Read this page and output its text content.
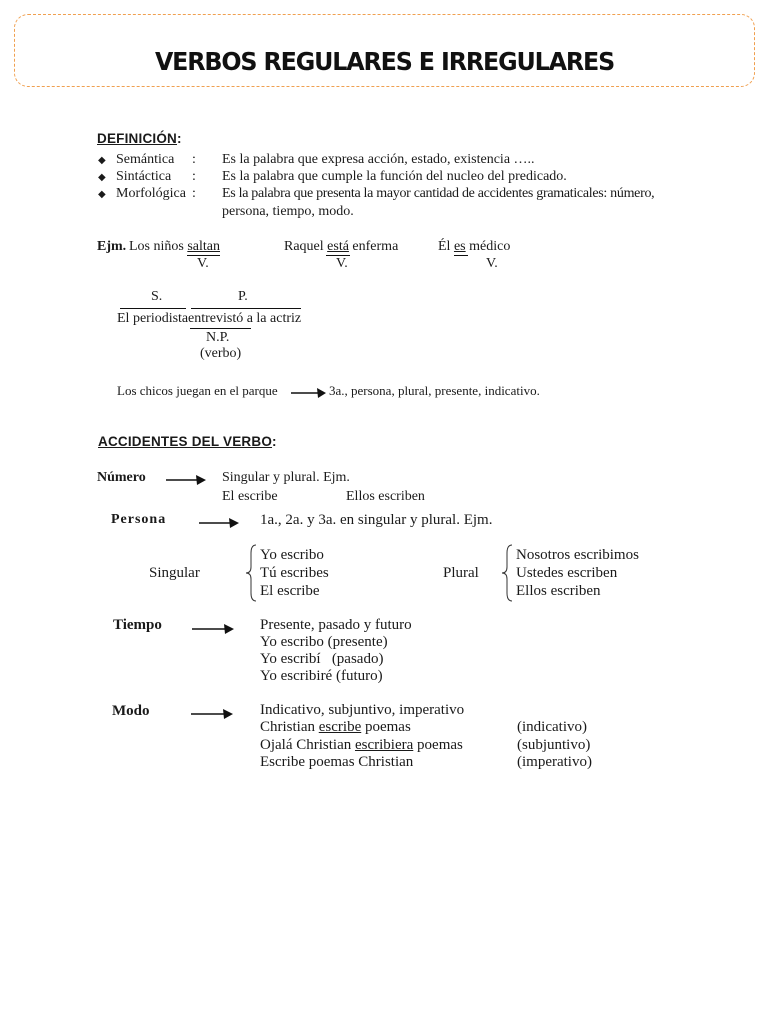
VERBOS REGULARES E IRREGULARES
DEFINICIÓN:
◆ Semántica : Es la palabra que expresa acción, estado, existencia …..
◆ Sintáctica : Es la palabra que cumple la función del nucleo del predicado.
◆ Morfológica : Es la palabra que presenta la mayor cantidad de accidentes gramaticales: número,
persona, tiempo, modo.
Ejm. Los niños saltan
V.
Raquel está enferma
V.
Él es médico
V.
S.	P.
El periodista entrevistó a la actriz
N.P.
(verbo)
Los chicos juegan en el parque	3a., persona, plural, presente, indicativo.
ACCIDENTES DEL VERBO:
Número	Singular y plural. Ejm.
El escribe	Ellos escriben
Persona	1a., 2a. y 3a. en singular y plural. Ejm.
Singular
Yo escribo
Tú escribes
El escribe
Plural
Nosotros escribimos
Ustedes escriben
Ellos escriben
Tiempo	Presente, pasado y futuro
Yo escribo (presente)
Yo escribí   (pasado)
Yo escribiré (futuro)
Modo	Indicativo, subjuntivo, imperativo
Christian escribe poemas	(indicativo)
Ojalá Christian escribiera poemas	(subjuntivo)
Escribe poemas Christian	(imperativo)
